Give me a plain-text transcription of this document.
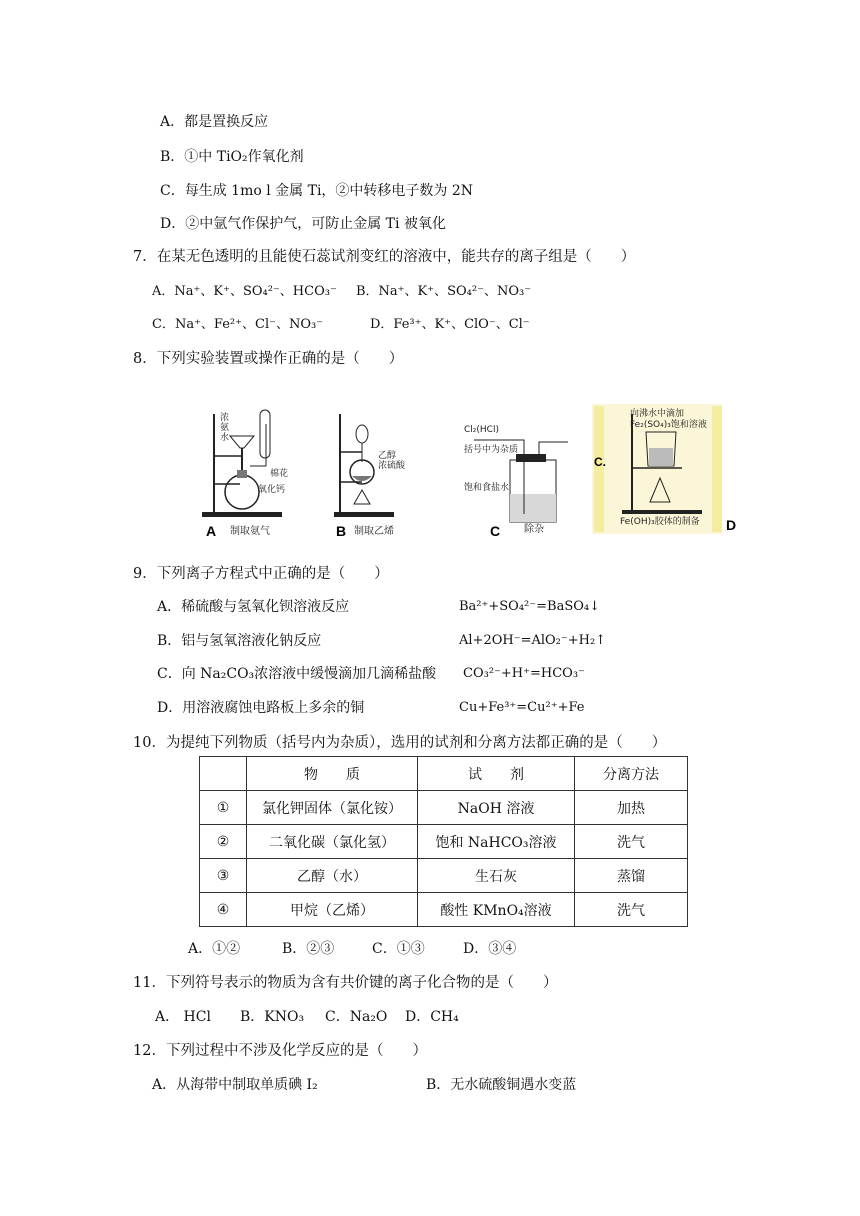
A．都是置换反应
B．①中 TiO₂作氧化剂
C．每生成 1mo l 金属 Ti，②中转移电子数为 2N
D．②中氩气作保护气，可防止金属 Ti 被氧化
7．在某无色透明的且能使石蕊试剂变红的溶液中，能共存的离子组是（　　）
A．Na⁺、K⁺、SO₄²⁻、HCO₃⁻ B．Na⁺、K⁺、SO₄²⁻、NO₃⁻
C．Na⁺、Fe²⁺、Cl⁻、NO₃⁻	D．Fe³⁺、K⁺、ClO⁻、Cl⁻
8．下列实验装置或操作正确的是（　　）
浓
氨
水
棉花
氧化钙
A 制取氨气
乙醇
浓硫酸
B 制取乙烯
Cl₂(HCl)
括号中为杂质
饱和食盐水
C 除杂
向沸水中滴加
Fe₂(SO₄)₃饱和溶液
C.
Fe(OH)₃胶体的制备 D
9．下列离子方程式中正确的是（　　）
A．稀硫酸与氢氧化钡溶液反应	Ba²⁺+SO₄²⁻=BaSO₄↓
B．铝与氢氧溶液化钠反应	Al+2OH⁻=AlO₂⁻+H₂↑
C．向 Na₂CO₃浓溶液中缓慢滴加几滴稀盐酸 CO₃²⁻+H⁺=HCO₃⁻
D．用溶液腐蚀电路板上多余的铜	Cu+Fe³⁺=Cu²⁺+Fe
10．为提纯下列物质（括号内为杂质），选用的试剂和分离方法都正确的是（　　）
	物　　质	试　　剂	分离方法
①	氯化钾固体（氯化铵）	NaOH 溶液	加热
②	二氧化碳（氯化氢）	饱和 NaHCO₃溶液	洗气
③	乙醇（水）	生石灰	蒸馏
④	甲烷（乙烯）	酸性 KMnO₄溶液	洗气
A．①②	B．②③	C．①③	D．③④
11．下列符号表示的物质为含有共价键的离子化合物的是（　　）
A． HCl B．KNO₃ C．Na₂O D．CH₄
12．下列过程中不涉及化学反应的是（　　）
A．从海带中制取单质碘 I₂	B．无水硫酸铜遇水变蓝
